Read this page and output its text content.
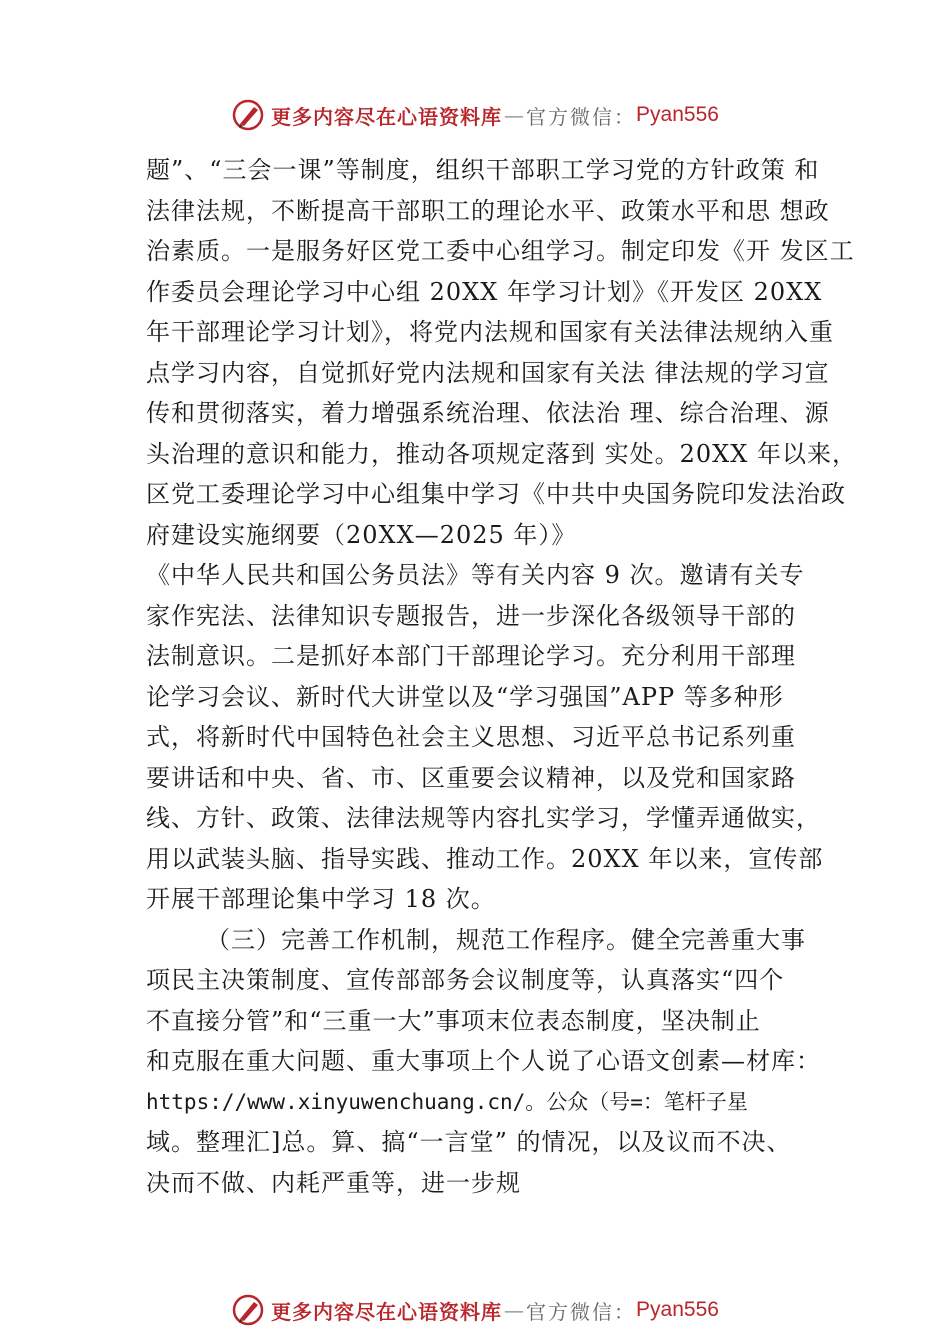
更多内容尽在心语资料库 — 官方微信： Pyan556
题”、“三会一课”等制度，组织干部职工学习党的方针政策 和
法律法规，不断提高干部职工的理论水平、政策水平和思 想政
治素质。一是服务好区党工委中心组学习。制定印发《开 发区工
作委员会理论学习中心组 20XX 年学习计划》《开发区 20XX
年干部理论学习计划》，将党内法规和国家有关法律法规纳入重
点学习内容，自觉抓好党内法规和国家有关法 律法规的学习宣
传和贯彻落实，着力增强系统治理、依法治 理、综合治理、源
头治理的意识和能力，推动各项规定落到 实处。20XX 年以来，
区党工委理论学习中心组集中学习《中共中央国务院印发法治政
府建设实施纲要（20XX—2025 年）》
《中华人民共和国公务员法》等有关内容 9 次。邀请有关专
家作宪法、法律知识专题报告，进一步深化各级领导干部的
法制意识。二是抓好本部门干部理论学习。充分利用干部理
论学习会议、新时代大讲堂以及“学习强国”APP 等多种形
式，将新时代中国特色社会主义思想、习近平总书记系列重
要讲话和中央、省、市、区重要会议精神，以及党和国家路
线、方针、政策、法律法规等内容扎实学习，学懂弄通做实，
用以武装头脑、指导实践、推动工作。20XX 年以来，宣传部
开展干部理论集中学习 18 次。
（三）完善工作机制，规范工作程序。健全完善重大事
项民主决策制度、宣传部部务会议制度等，认真落实“四个
不直接分管”和“三重一大”事项末位表态制度，坚决制止
和克服在重大问题、重大事项上个人说了心语文创素—材库：
https://www.xinyuwenchuang.cn/。公众（号=：笔杆子星
域。整理汇]总。算、搞“一言堂” 的情况，以及议而不决、
决而不做、内耗严重等，进一步规
更多内容尽在心语资料库 — 官方微信： Pyan556
